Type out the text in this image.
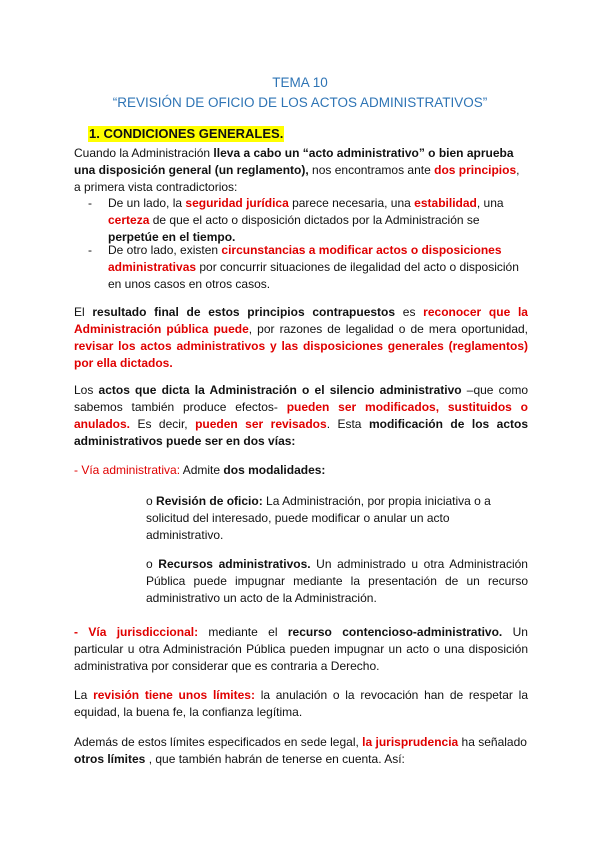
TEMA 10
“REVISIÓN DE OFICIO DE LOS ACTOS ADMINISTRATIVOS”
1. CONDICIONES GENERALES.
Cuando la Administración lleva a cabo un “acto administrativo” o bien aprueba una disposición general (un reglamento), nos encontramos ante dos principios, a primera vista contradictorios:
- De un lado, la seguridad jurídica parece necesaria, una estabilidad, una certeza de que el acto o disposición dictados por la Administración se perpetúe en el tiempo.
- De otro lado, existen circunstancias a modificar actos o disposiciones administrativas por concurrir situaciones de ilegalidad del acto o disposición en unos casos en otros casos.
El resultado final de estos principios contrapuestos es reconocer que la Administración pública puede, por razones de legalidad o de mera oportunidad, revisar los actos administrativos y las disposiciones generales (reglamentos) por ella dictados.
Los actos que dicta la Administración o el silencio administrativo –que como sabemos también produce efectos- pueden ser modificados, sustituidos o anulados. Es decir, pueden ser revisados. Esta modificación de los actos administrativos puede ser en dos vías:
- Vía administrativa: Admite dos modalidades:
o Revisión de oficio: La Administración, por propia iniciativa o a solicitud del interesado, puede modificar o anular un acto administrativo.
o Recursos administrativos. Un administrado u otra Administración Pública puede impugnar mediante la presentación de un recurso administrativo un acto de la Administración.
- Vía jurisdiccional: mediante el recurso contencioso-administrativo. Un particular u otra Administración Pública pueden impugnar un acto o una disposición administrativa por considerar que es contraria a Derecho.
La revisión tiene unos límites: la anulación o la revocación han de respetar la equidad, la buena fe, la confianza legítima.
Además de estos límites especificados en sede legal, la jurisprudencia ha señalado otros límites , que también habrán de tenerse en cuenta. Así:
